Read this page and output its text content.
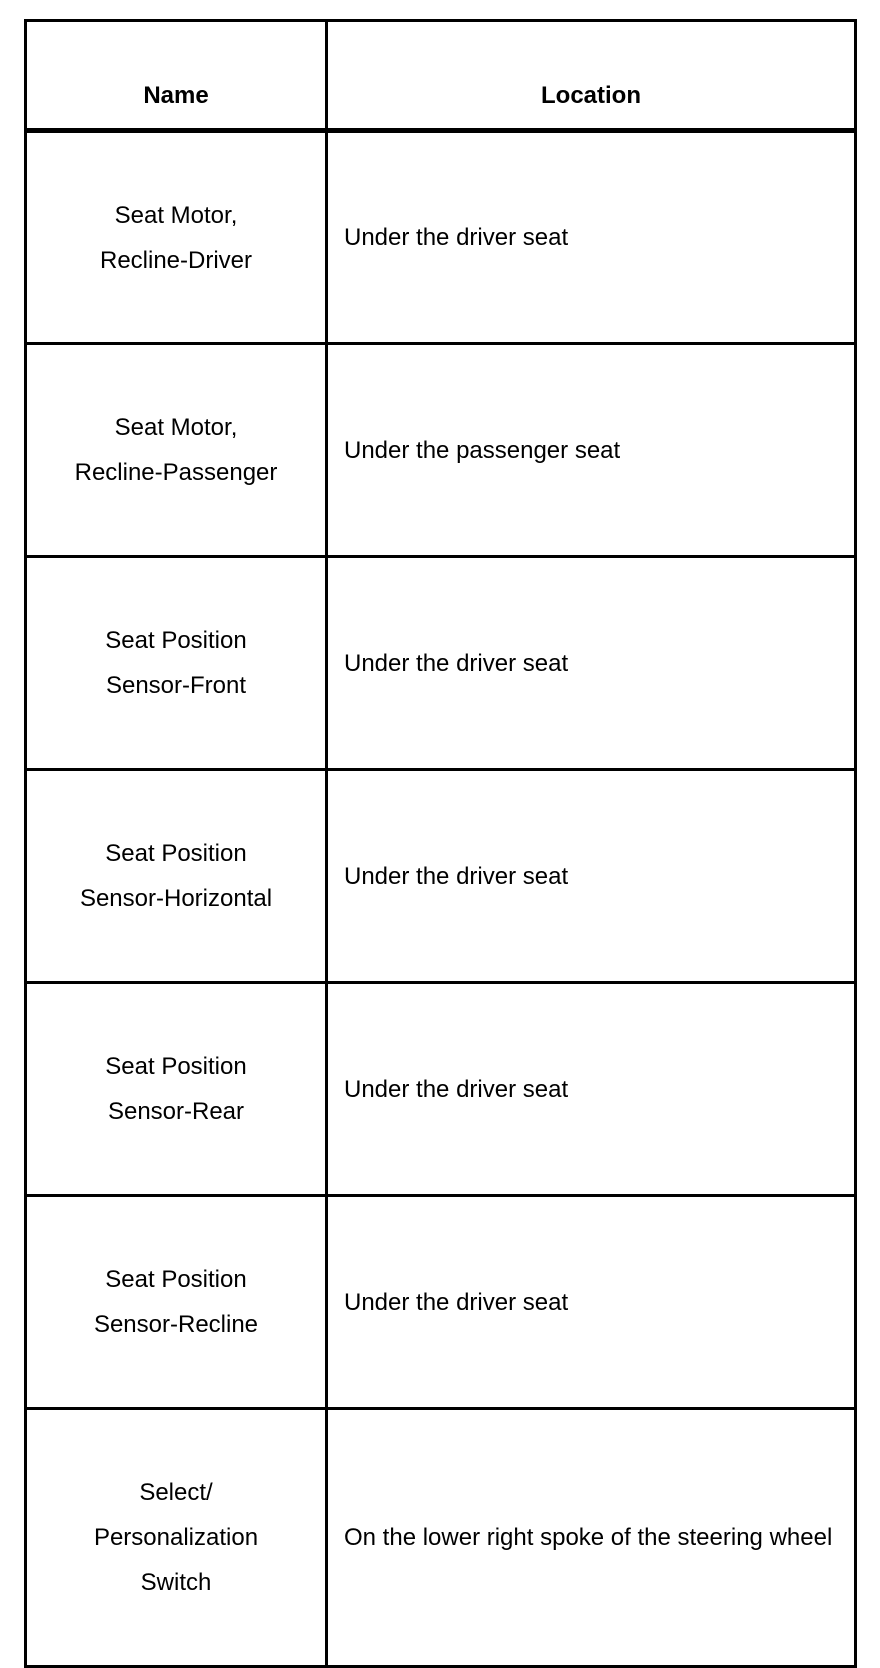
Name	Location
Seat Motor,
Recline-Driver	Under the driver seat
Seat Motor,
Recline-Passenger	Under the passenger seat
Seat Position
Sensor-Front	Under the driver seat
Seat Position
Sensor-Horizontal	Under the driver seat
Seat Position
Sensor-Rear	Under the driver seat
Seat Position
Sensor-Recline	Under the driver seat
Select/
Personalization
Switch	On the lower right spoke of the steering wheel
